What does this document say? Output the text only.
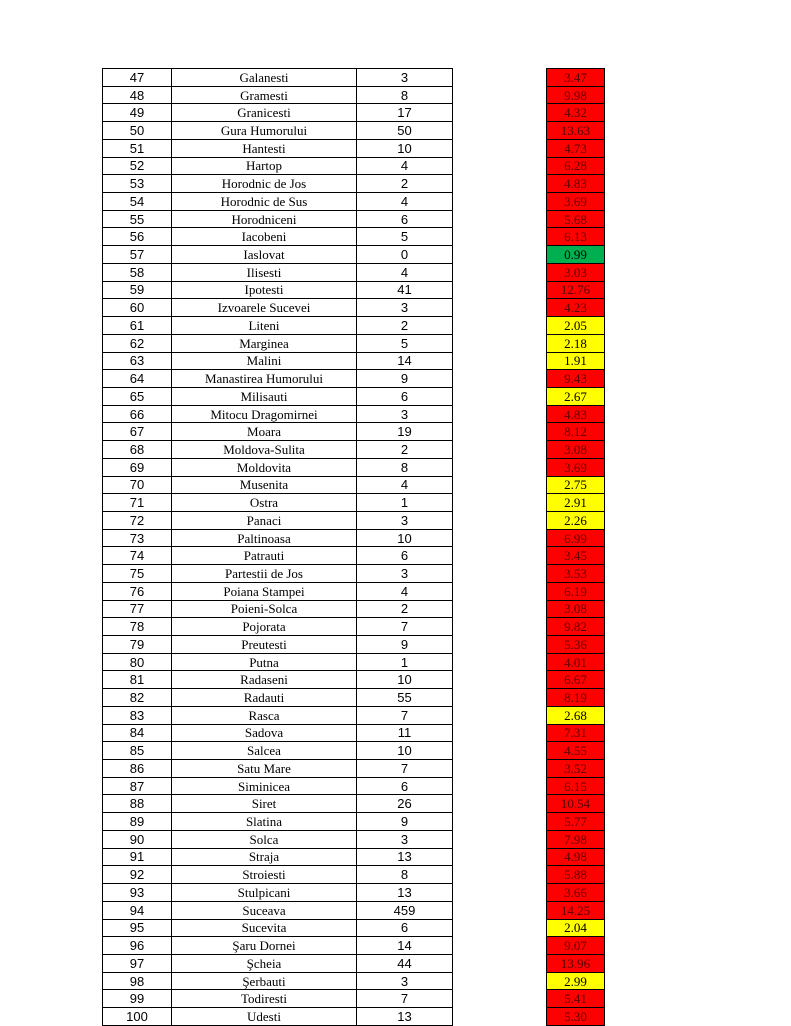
47	Galanesti	3		3.47
48	Gramesti	8		9.98
49	Granicesti	17		4.32
50	Gura Humorului	50		13.63
51	Hantesti	10		4.73
52	Hartop	4		6.28
53	Horodnic de Jos	2		4.83
54	Horodnic de Sus	4		3.69
55	Horodniceni	6		5.68
56	Iacobeni	5		6.13
57	Iaslovat	0		0.99
58	Ilisesti	4		3.03
59	Ipotesti	41		12.76
60	Izvoarele Sucevei	3		4.23
61	Liteni	2		2.05
62	Marginea	5		2.18
63	Malini	14		1.91
64	Manastirea Humorului	9		9.43
65	Milisauti	6		2.67
66	Mitocu Dragomirnei	3		4.83
67	Moara	19		8.12
68	Moldova-Sulita	2		3.08
69	Moldovita	8		3.69
70	Musenita	4		2.75
71	Ostra	1		2.91
72	Panaci	3		2.26
73	Paltinoasa	10		6.99
74	Patrauti	6		3.45
75	Partestii de Jos	3		3.53
76	Poiana Stampei	4		6.19
77	Poieni-Solca	2		3.08
78	Pojorata	7		9.82
79	Preutesti	9		5.36
80	Putna	1		4.01
81	Radaseni	10		6.67
82	Radauti	55		8.19
83	Rasca	7		2.68
84	Sadova	11		7.31
85	Salcea	10		4.55
86	Satu Mare	7		3.52
87	Siminicea	6		6.15
88	Siret	26		10.54
89	Slatina	9		5.77
90	Solca	3		7.98
91	Straja	13		4.98
92	Stroiesti	8		5.88
93	Stulpicani	13		3.66
94	Suceava	459		14.25
95	Sucevita	6		2.04
96	Şaru Dornei	14		9.07
97	Şcheia	44		13.96
98	Şerbauti	3		2.99
99	Todiresti	7		5.41
100	Udesti	13		5.30
